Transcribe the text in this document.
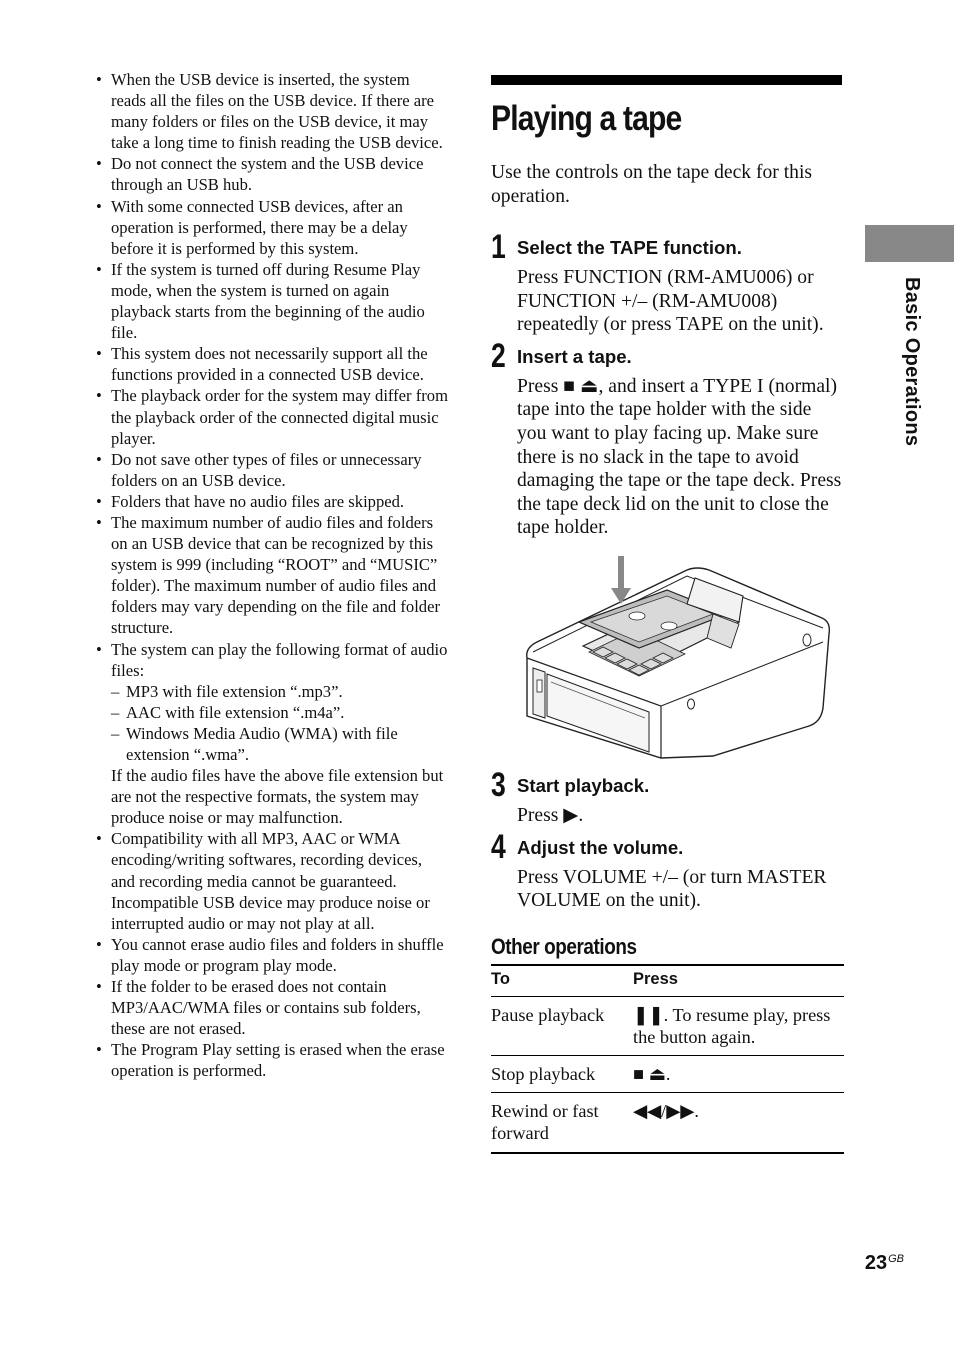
• When the USB device is inserted, the system reads all the files on the USB device. If there are many folders or files on the USB device, it may take a long time to finish reading the USB device.
• Do not connect the system and the USB device through an USB hub.
• With some connected USB devices, after an operation is performed, there may be a delay before it is performed by this system.
• If the system is turned off during Resume Play mode, when the system is turned on again playback starts from the beginning of the audio file.
• This system does not necessarily support all the functions provided in a connected USB device.
• The playback order for the system may differ from the playback order of the connected digital music player.
• Do not save other types of files or unnecessary folders on an USB device.
• Folders that have no audio files are skipped.
• The maximum number of audio files and folders on an USB device that can be recognized by this system is 999 (including “ROOT” and “MUSIC” folder). The maximum number of audio files and folders may vary depending on the file and folder structure.
• The system can play the following format of audio files:
– MP3 with file extension “.mp3”.
– AAC with file extension “.m4a”.
– Windows Media Audio (WMA) with file extension “.wma”.
If the audio files have the above file extension but are not the respective formats, the system may produce noise or may malfunction.
• Compatibility with all MP3, AAC or WMA encoding/writing softwares, recording devices, and recording media cannot be guaranteed. Incompatible USB device may produce noise or interrupted audio or may not play at all.
• You cannot erase audio files and folders in shuffle play mode or program play mode.
• If the folder to be erased does not contain MP3/AAC/WMA files or contains sub folders, these are not erased.
• The Program Play setting is erased when the erase operation is performed.
Playing a tape

Use the controls on the tape deck for this operation.

1 Select the TAPE function.
Press FUNCTION (RM-AMU006) or FUNCTION +/– (RM-AMU008) repeatedly (or press TAPE on the unit).
2 Insert a tape.
Press ■ ⏏, and insert a TYPE I (normal) tape into the tape holder with the side you want to play facing up. Make sure there is no slack in the tape to avoid damaging the tape or the tape deck. Press the tape deck lid on the unit to close the tape holder.
3 Start playback.
Press ▶.
4 Adjust the volume.
Press VOLUME +/– (or turn MASTER VOLUME on the unit).
Other operations
To	Press
Pause playback	❚❚. To resume play, press the button again.
Stop playback	■ ⏏.
Rewind or fast forward	◀◀/▶▶.
Basic Operations
$23^{GB}$
